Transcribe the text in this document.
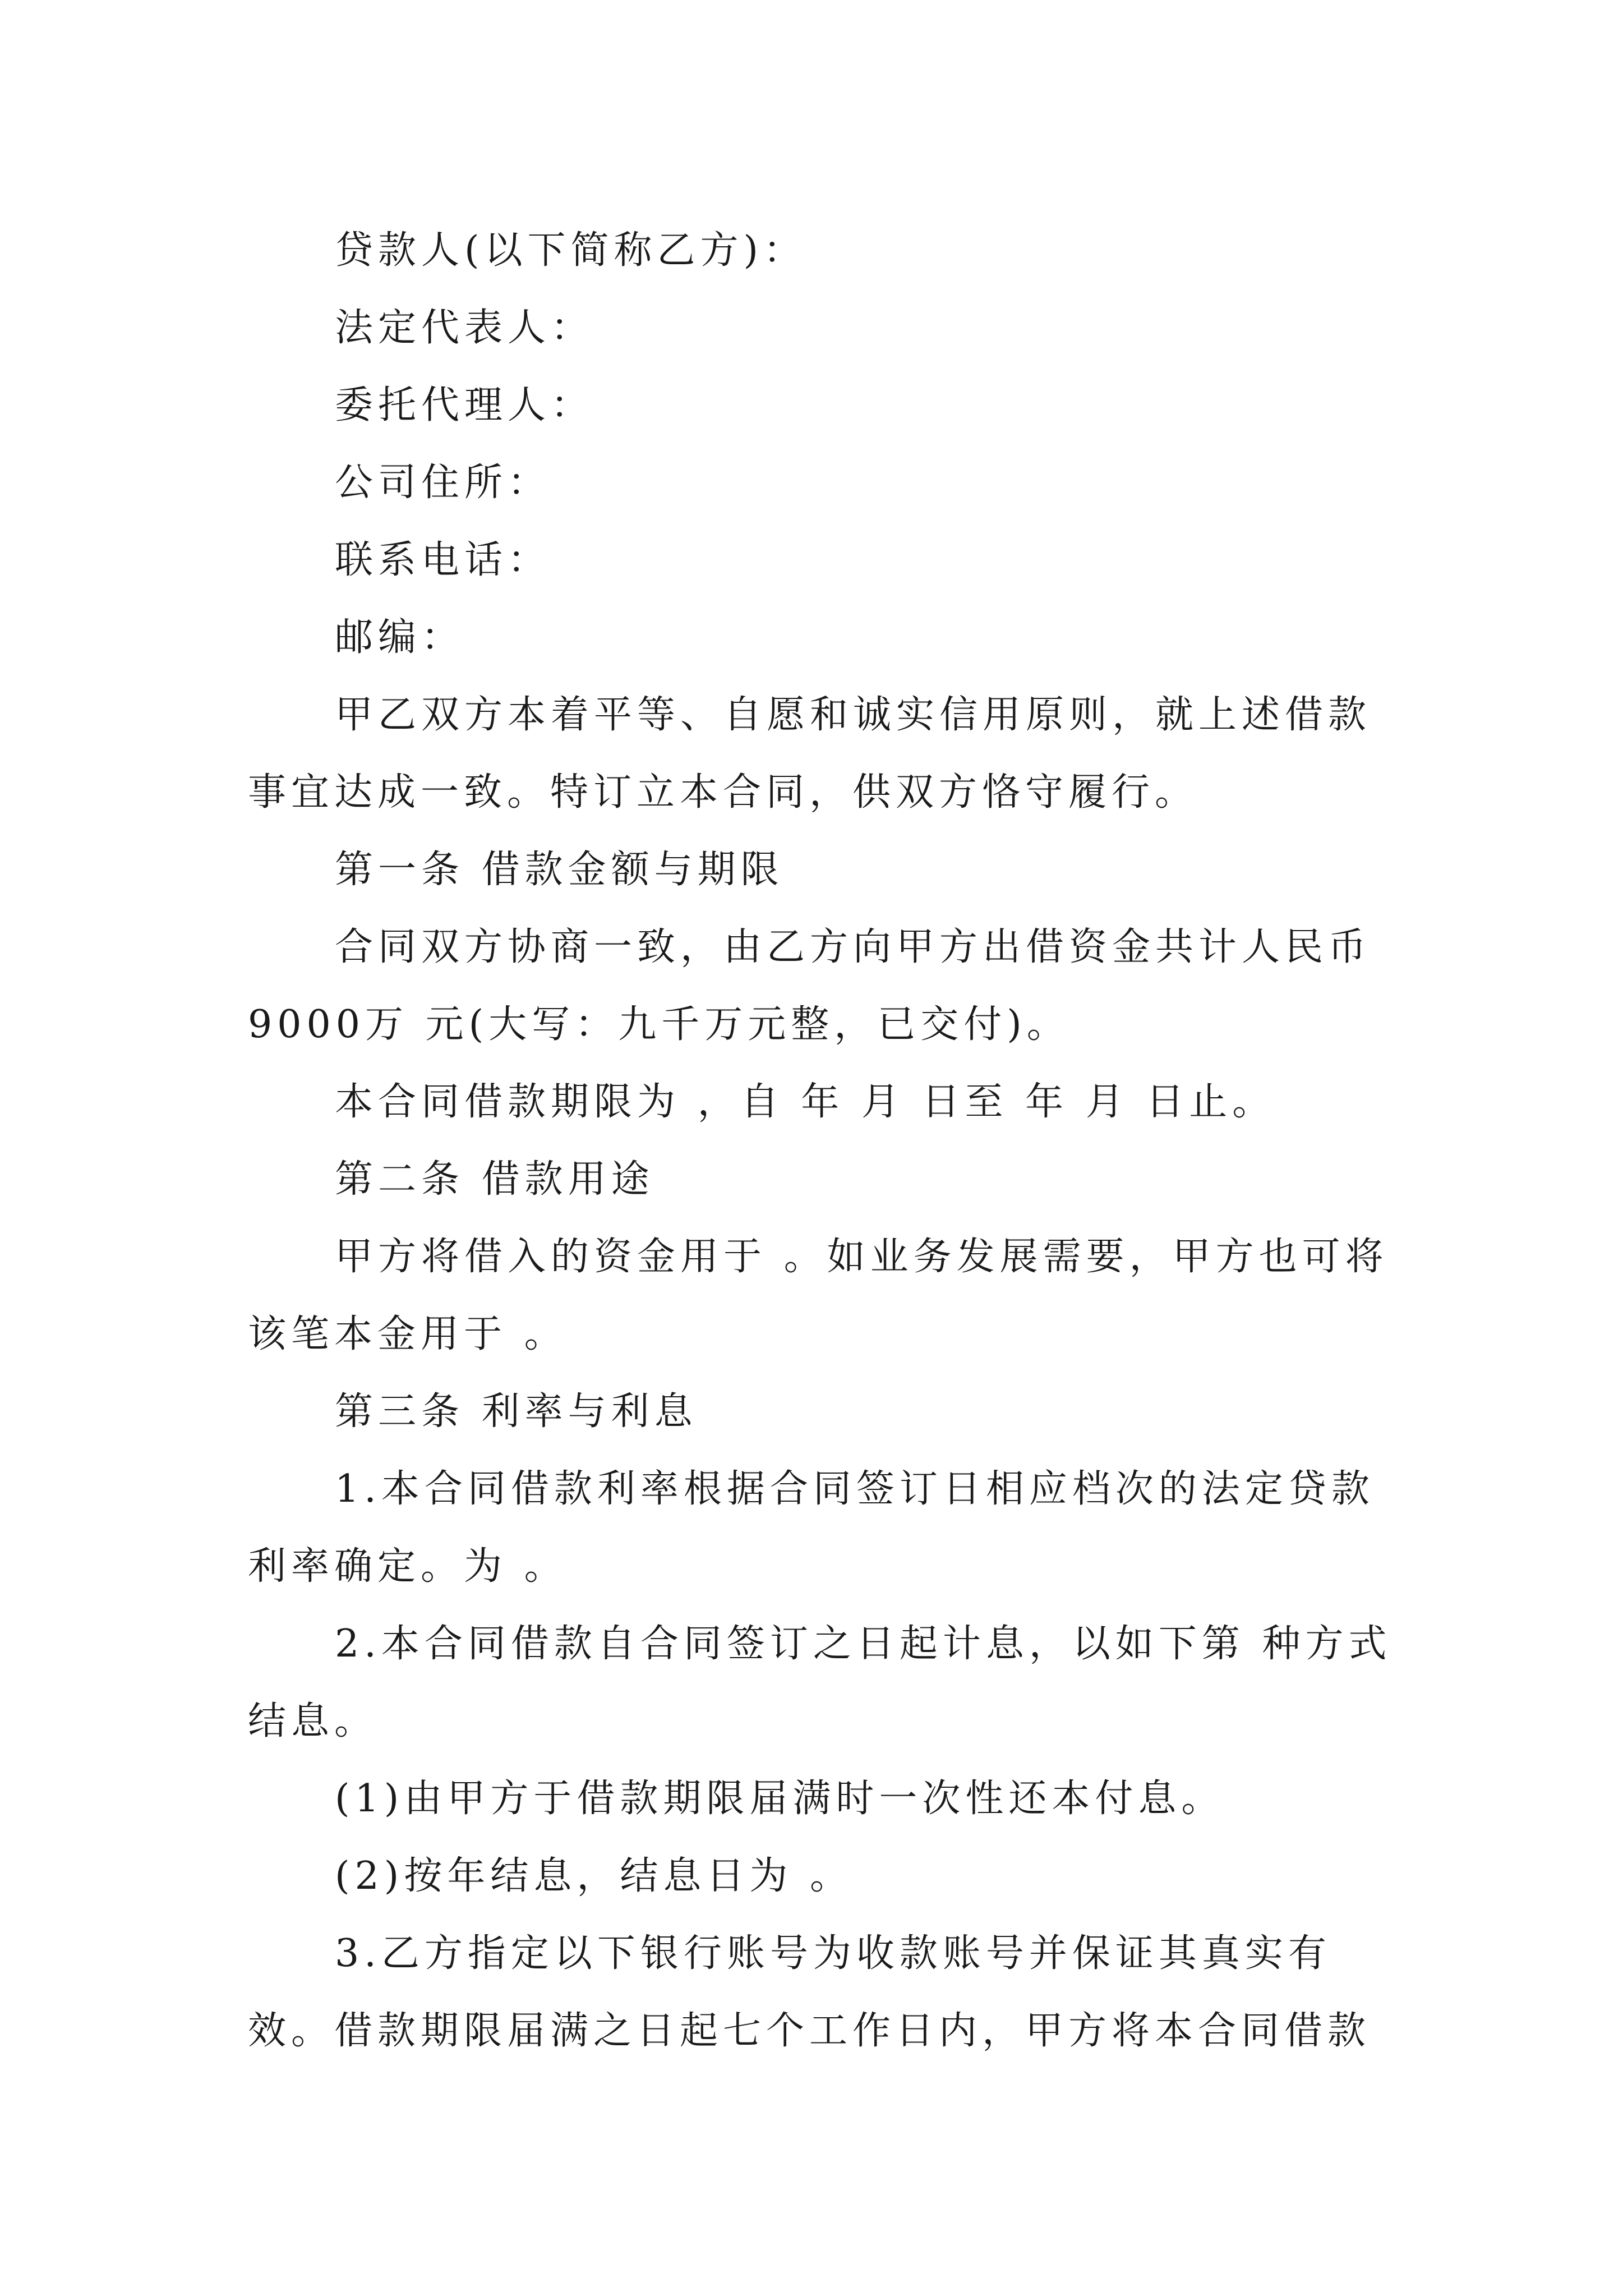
贷款人(以下简称乙方)：

法定代表人：

委托代理人：

公司住所：

联系电话：

邮编：

甲乙双方本着平等、自愿和诚实信用原则，就上述借款事宜达成一致。特订立本合同，供双方恪守履行。

第一条 借款金额与期限

合同双方协商一致，由乙方向甲方出借资金共计人民币 9000万 元(大写：九千万元整，已交付)。

本合同借款期限为 ，自 年 月 日至 年 月 日止。

第二条 借款用途

甲方将借入的资金用于 。如业务发展需要，甲方也可将该笔本金用于 。

第三条 利率与利息

1.本合同借款利率根据合同签订日相应档次的法定贷款利率确定。为 。

2.本合同借款自合同签订之日起计息，以如下第 种方式结息。

(1)由甲方于借款期限届满时一次性还本付息。

(2)按年结息，结息日为 。

3.乙方指定以下银行账号为收款账号并保证其真实有效。借款期限届满之日起七个工作日内，甲方将本合同借款
